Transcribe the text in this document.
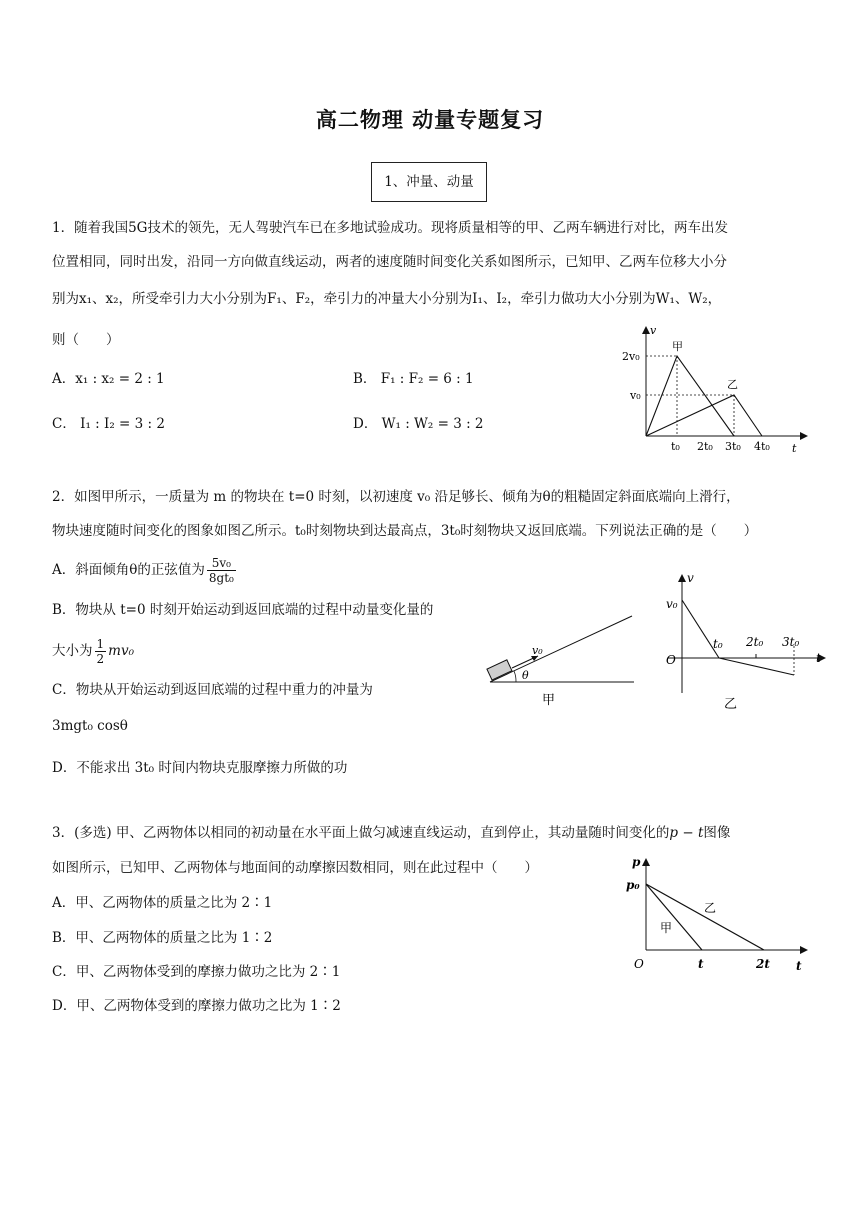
高二物理 动量专题复习
1、冲量、动量
1．随着我国5G技术的领先，无人驾驶汽车已在多地试验成功。现将质量相等的甲、乙两车辆进行对比，两车出发
位置相同，同时出发，沿同一方向做直线运动，两者的速度随时间变化关系如图所示，已知甲、乙两车位移大小分
别为x₁、x₂，所受牵引力大小分别为F₁、F₂，牵引力的冲量大小分别为I₁、I₂，牵引力做功大小分别为W₁、W₂，
则（　　）
A．x₁ : x₂ = 2 : 1	B． F₁ : F₂ = 6 : 1
C． I₁ : I₂ = 3 : 2	D． W₁ : W₂ = 3 : 2
v
t
2v₀
v₀
甲
乙
t₀ 2t₀ 3t₀ 4t₀
2．如图甲所示，一质量为 m 的物块在 t=0 时刻，以初速度 v₀ 沿足够长、倾角为θ的粗糙固定斜面底端向上滑行，
物块速度随时间变化的图象如图乙所示。t₀时刻物块到达最高点，3t₀时刻物块又返回底端。下列说法正确的是（　　）
A．斜面倾角θ的正弦值为 $\frac{\text{5v₀}}{\text{8gt₀}}$
B．物块从 t=0 时刻开始运动到返回底端的过程中动量变化量的
大小为 $\frac{1}{2} mv_0$
C．物块从开始运动到返回底端的过程中重力的冲量为
3mgt₀ cosθ
D．不能求出 3t₀ 时间内物块克服摩擦力所做的功
v₀
θ
甲
v
t
O
v₀
t₀ 2t₀ 3t₀
乙
3．(多选) 甲、乙两物体以相同的初动量在水平面上做匀减速直线运动，直到停止，其动量随时间变化的p − t图像
如图所示，已知甲、乙两物体与地面间的动摩擦因数相同，则在此过程中（　　）
A．甲、乙两物体的质量之比为 2∶1
B．甲、乙两物体的质量之比为 1∶2
C．甲、乙两物体受到的摩擦力做功之比为 2∶1
D．甲、乙两物体受到的摩擦力做功之比为 1∶2
p
t
O
p₀
甲
乙
t	2t
